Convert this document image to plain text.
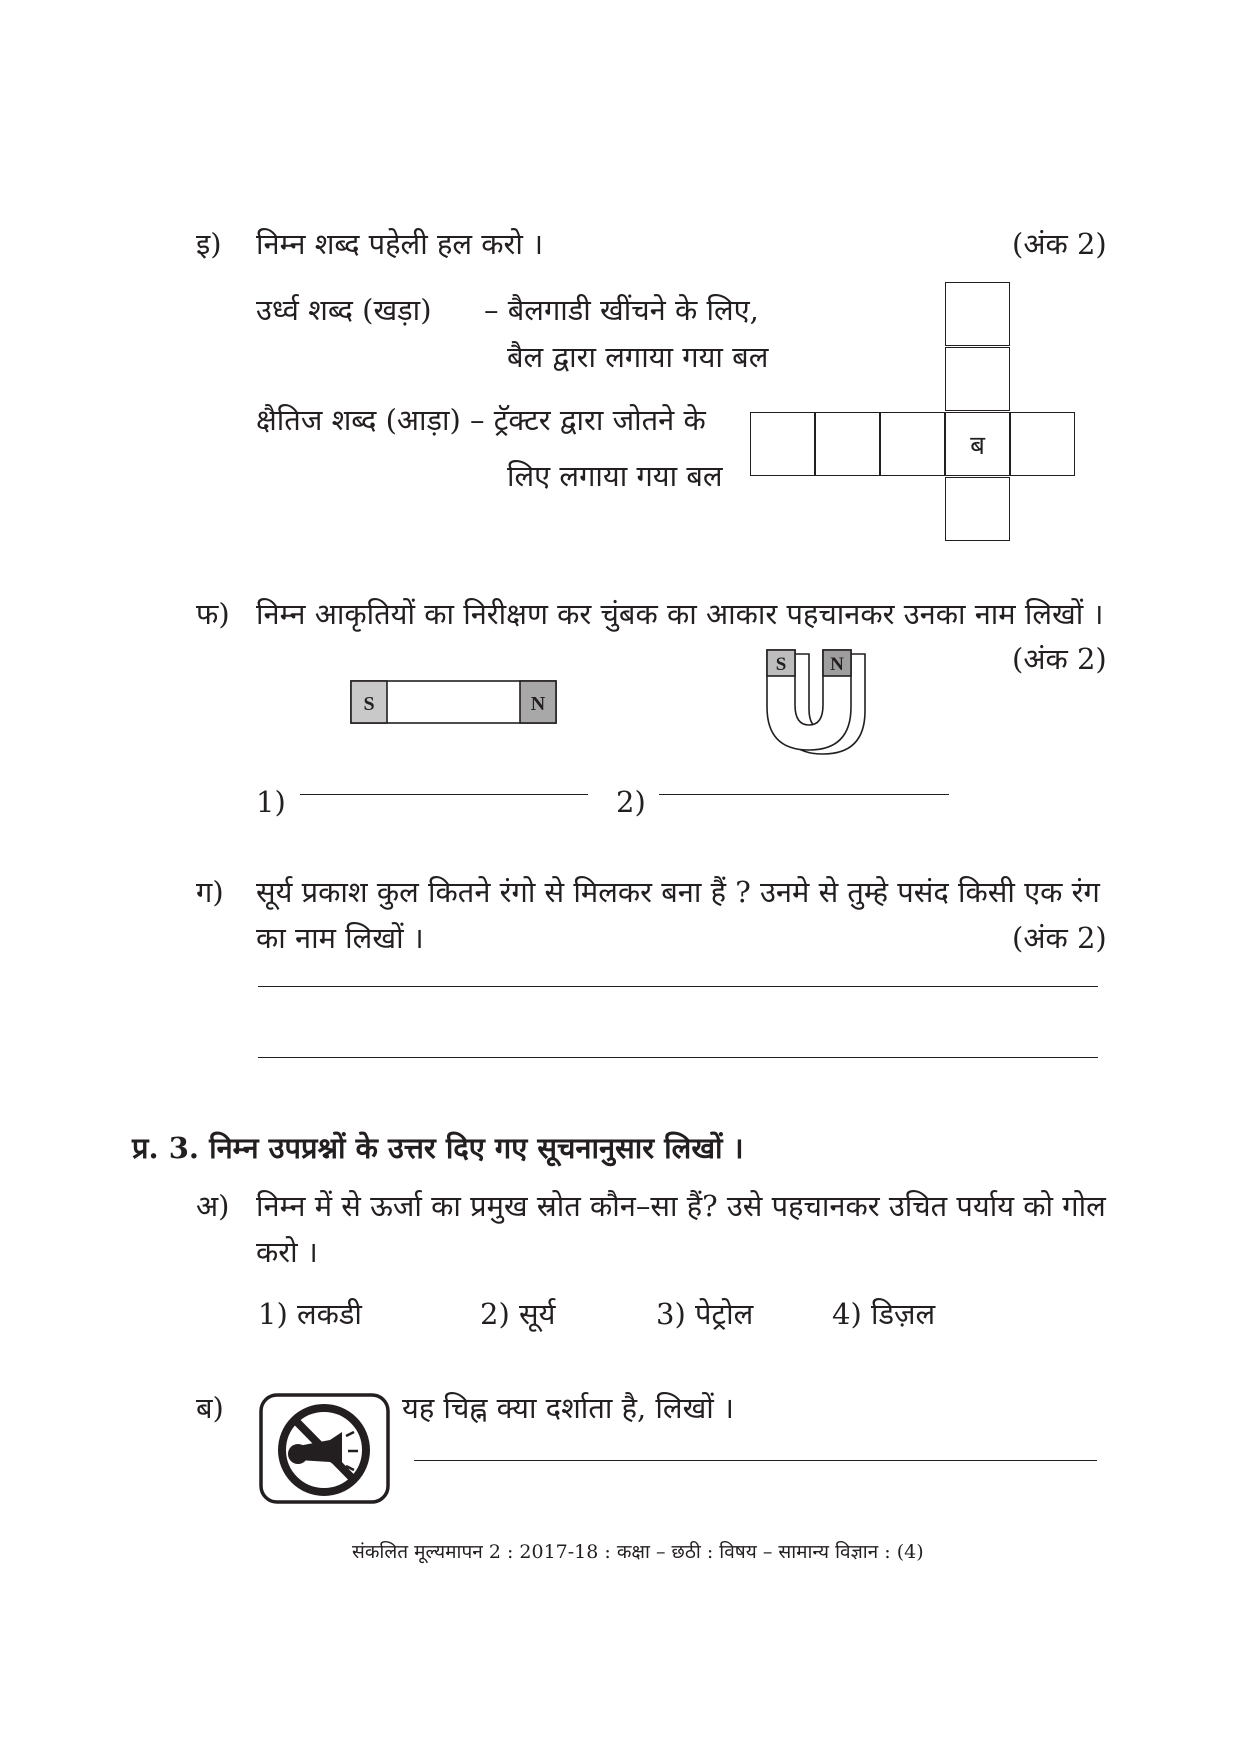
इ) निम्न शब्द पहेली हल करो ।	(अंक 2)
उर्ध्व शब्द (खड़ा) – बैलगाडी खींचने के लिए,
बैल द्वारा लगाया गया बल
क्षैतिज शब्द (आड़ा) – ट्रॅक्टर द्वारा जोतने के
लिए लगाया गया बल
ब
फ) निम्न आकृतियों का निरीक्षण कर चुंबक का आकार पहचानकर उनका नाम लिखों ।
(अंक 2)
S	N
S N
1)	2)
ग) सूर्य प्रकाश कुल कितने रंगो से मिलकर बना हैं ? उनमे से तुम्हे पसंद किसी एक रंग
का नाम लिखों ।	(अंक 2)
प्र. 3. निम्न उपप्रश्नों के उत्तर दिए गए सूचनानुसार लिखों ।
अ) निम्न में से ऊर्जा का प्रमुख स्रोत कौन–सा हैं? उसे पहचानकर उचित पर्याय को गोल
करो ।
1) लकडी	2) सूर्य	3) पेट्रोल	4) डिज़ल
ब)	यह चिह्न क्या दर्शाता है, लिखों ।
संकलित मूल्यमापन 2 : 2017-18 : कक्षा – छठी : विषय – सामान्य विज्ञान : (4)
